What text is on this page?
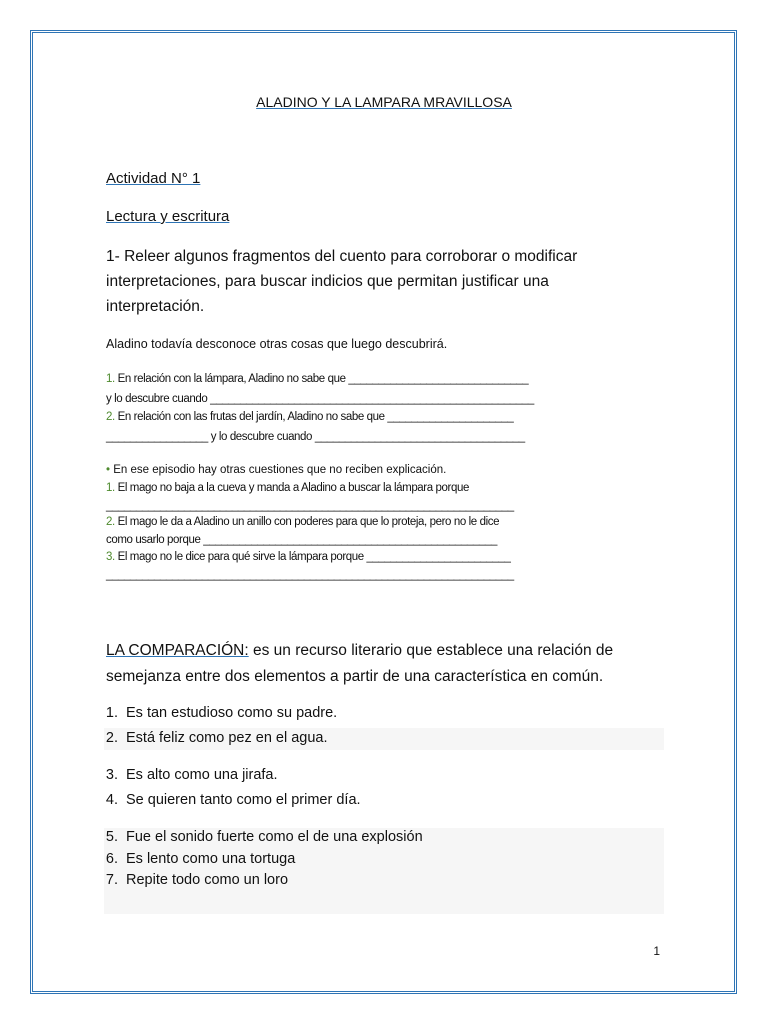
ALADINO Y LA LAMPARA MRAVILLOSA
Actividad N° 1
Lectura y escritura
1- Releer algunos fragmentos del cuento para corroborar o modificar
interpretaciones, para buscar indicios que permitan justificar una
interpretación.
Aladino todavía desconoce otras cosas que luego descubrirá.
1. En relación con la lámpara, Aladino no sabe que ______________________________
y lo descubre cuando ______________________________________________________
2. En relación con las frutas del jardín, Aladino no sabe que _____________________
_________________ y lo descubre cuando ___________________________________
• En ese episodio hay otras cuestiones que no reciben explicación.
1. El mago no baja a la cueva y manda a Aladino a buscar la lámpara porque
____________________________________________________________________
2. El mago le da a Aladino un anillo con poderes para que lo proteja, pero no le dice
como usarlo porque _________________________________________________
3. El mago no le dice para qué sirve la lámpara porque ________________________
____________________________________________________________________
LA COMPARACIÓN: es un recurso literario que establece una relación de
semejanza entre dos elementos a partir de una característica en común.
1. Es tan estudioso como su padre.
2. Está feliz como pez en el agua.
3. Es alto como una jirafa.
4. Se quieren tanto como el primer día.
5. Fue el sonido fuerte como el de una explosión
6. Es lento como una tortuga
7. Repite todo como un loro
1
